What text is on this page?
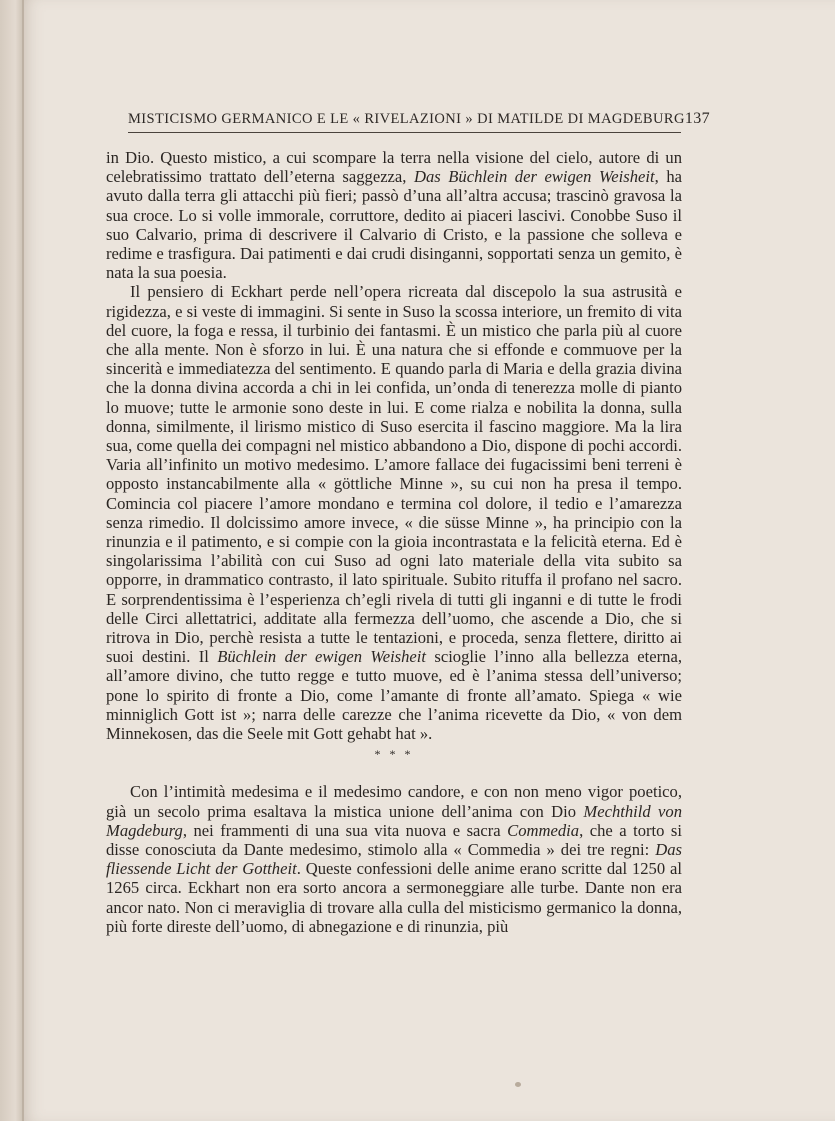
MISTICISMO GERMANICO E LE « RIVELAZIONI » DI MATILDE DI MAGDEBURG 137

in Dio. Questo mistico, a cui scompare la terra nella visione del cielo, autore di un celebratissimo trattato dell’eterna saggezza, Das Büchlein der ewigen Weisheit, ha avuto dalla terra gli attacchi più fieri; passò d’una all’altra accusa; trascinò gravosa la sua croce. Lo si volle immorale, corruttore, dedito ai piaceri lascivi. Conobbe Suso il suo Calvario, prima di descrivere il Calvario di Cristo, e la passione che solleva e redime e trasfigura. Dai patimenti e dai crudi disinganni, sopportati senza un gemito, è nata la sua poesia.

Il pensiero di Eckhart perde nell’opera ricreata dal discepolo la sua astrusità e rigidezza, e si veste di immagini. Si sente in Suso la scossa interiore, un fremito di vita del cuore, la foga e ressa, il turbinio dei fantasmi. È un mistico che parla più al cuore che alla mente. Non è sforzo in lui. È una natura che si effonde e commuove per la sincerità e immediatezza del sentimento. E quando parla di Maria e della grazia divina che la donna divina accorda a chi in lei confida, un’onda di tenerezza molle di pianto lo muove; tutte le armonie sono deste in lui. E come rialza e nobilita la donna, sulla donna, similmente, il lirismo mistico di Suso esercita il fascino maggiore. Ma la lira sua, come quella dei compagni nel mistico abbandono a Dio, dispone di pochi accordi. Varia all’infinito un motivo medesimo. L’amore fallace dei fugacissimi beni terreni è opposto instancabilmente alla « göttliche Minne », su cui non ha presa il tempo. Comincia col piacere l’amore mondano e termina col dolore, il tedio e l’amarezza senza rimedio. Il dolcissimo amore invece, « die süsse Minne », ha principio con la rinunzia e il patimento, e si compie con la gioia incontrastata e la felicità eterna. Ed è singolarissima l’abilità con cui Suso ad ogni lato materiale della vita subito sa opporre, in drammatico contrasto, il lato spirituale. Subito rituffa il profano nel sacro. E sorprendentissima è l’esperienza ch’egli rivela di tutti gli inganni e di tutte le frodi delle Circi allettatrici, additate alla fermezza dell’uomo, che ascende a Dio, che si ritrova in Dio, perchè resista a tutte le tentazioni, e proceda, senza flettere, diritto ai suoi destini. Il Büchlein der ewigen Weisheit scioglie l’inno alla bellezza eterna, all’amore divino, che tutto regge e tutto muove, ed è l’anima stessa dell’universo; pone lo spirito di fronte a Dio, come l’amante di fronte all’amato. Spiega « wie minniglich Gott ist »; narra delle carezze che l’anima ricevette da Dio, « von dem Minnekosen, das die Seele mit Gott gehabt hat ».

* * *

Con l’intimità medesima e il medesimo candore, e con non meno vigor poetico, già un secolo prima esaltava la mistica unione dell’anima con Dio Mechthild von Magdeburg, nei frammenti di una sua vita nuova e sacra Commedia, che a torto si disse conosciuta da Dante medesimo, stimolo alla « Commedia » dei tre regni: Das fliessende Licht der Gottheit. Queste confessioni delle anime erano scritte dal 1250 al 1265 circa. Eckhart non era sorto ancora a sermoneggiare alle turbe. Dante non era ancor nato. Non ci meraviglia di trovare alla culla del misticismo germanico la donna, più forte direste dell’uomo, di abnegazione e di rinunzia, più
